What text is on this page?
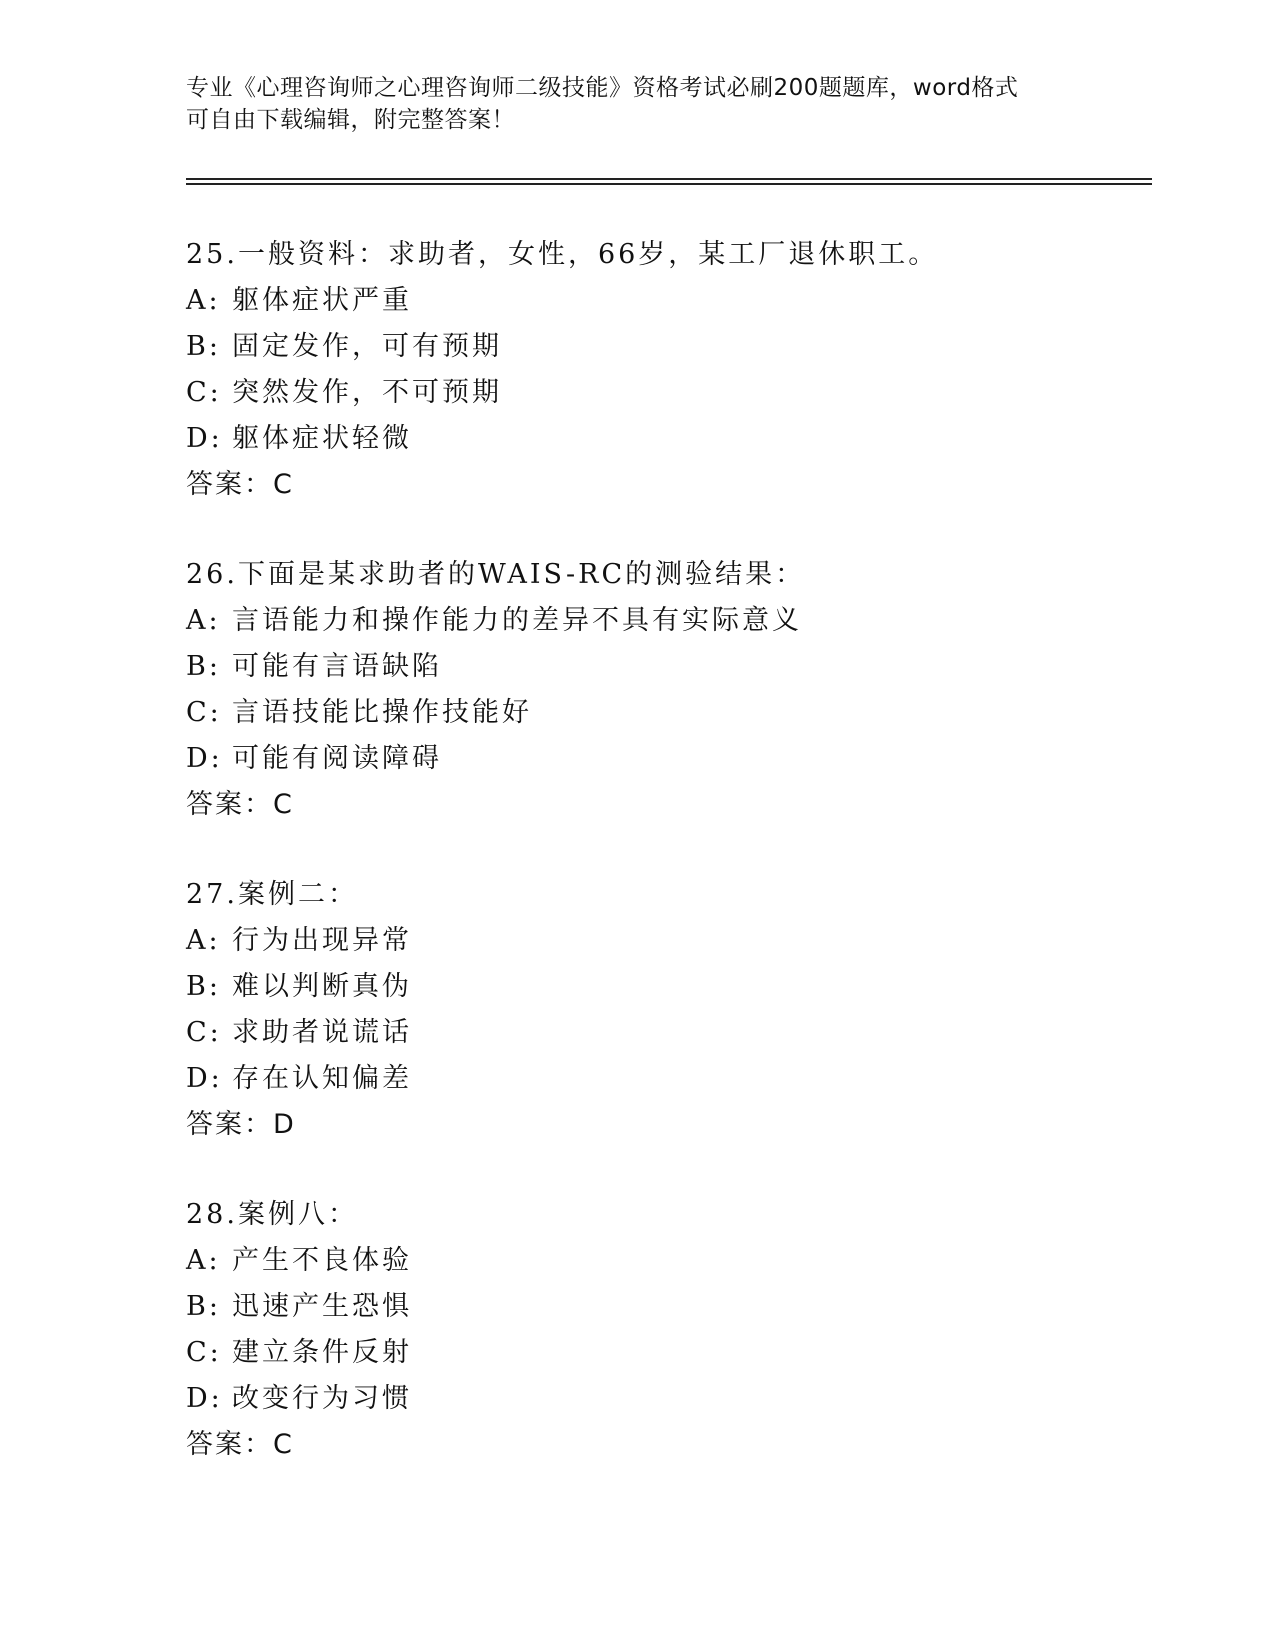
专业《心理咨询师之心理咨询师二级技能》资格考试必刷200题题库，word格式
可自由下载编辑，附完整答案！
25.一般资料：求助者，女性，66岁，某工厂退休职工。
A: 躯体症状严重
B: 固定发作，可有预期
C: 突然发作，不可预期
D: 躯体症状轻微
答案：C
26.下面是某求助者的WAIS-RC的测验结果：
A: 言语能力和操作能力的差异不具有实际意义
B: 可能有言语缺陷
C: 言语技能比操作技能好
D: 可能有阅读障碍
答案：C
27.案例二：
A: 行为出现异常
B: 难以判断真伪
C: 求助者说谎话
D: 存在认知偏差
答案：D
28.案例八：
A: 产生不良体验
B: 迅速产生恐惧
C: 建立条件反射
D: 改变行为习惯
答案：C
